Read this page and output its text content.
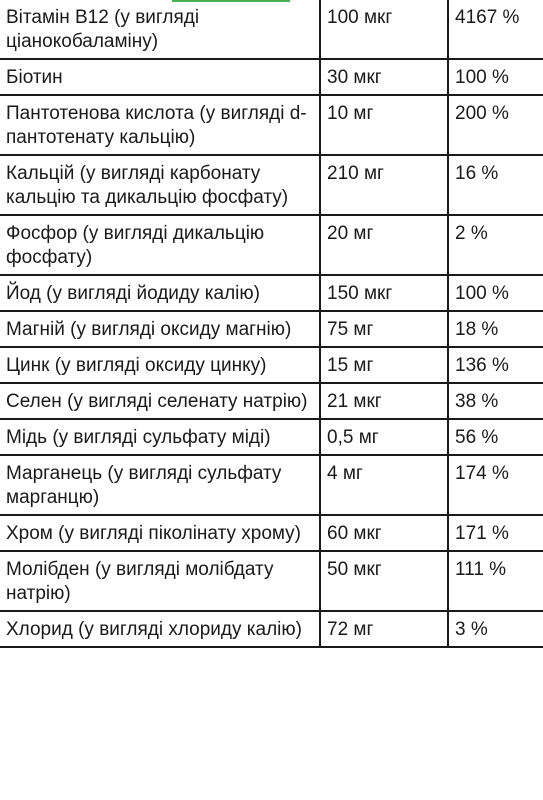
Вітамін В12 (у вигляді ціанокобаламіну)	100 мкг	4167 %
Біотин	30 мкг	100 %
Пантотенова кислота (у вигляді d-пантотенату кальцію)	10 мг	200 %
Кальцій (у вигляді карбонату кальцію та дикальцію фосфату)	210 мг	16 %
Фосфор (у вигляді дикальцію фосфату)	20 мг	2 %
Йод (у вигляді йодиду калію)	150 мкг	100 %
Магній (у вигляді оксиду магнію)	75 мг	18 %
Цинк (у вигляді оксиду цинку)	15 мг	136 %
Селен (у вигляді селенату натрію)	21 мкг	38 %
Мідь (у вигляді сульфату міді)	0,5 мг	56 %
Марганець (у вигляді сульфату марганцю)	4 мг	174 %
Хром (у вигляді піколінату хрому)	60 мкг	171 %
Молібден (у вигляді молібдату натрію)	50 мкг	111 %
Хлорид (у вигляді хлориду калію)	72 мг	3 %
